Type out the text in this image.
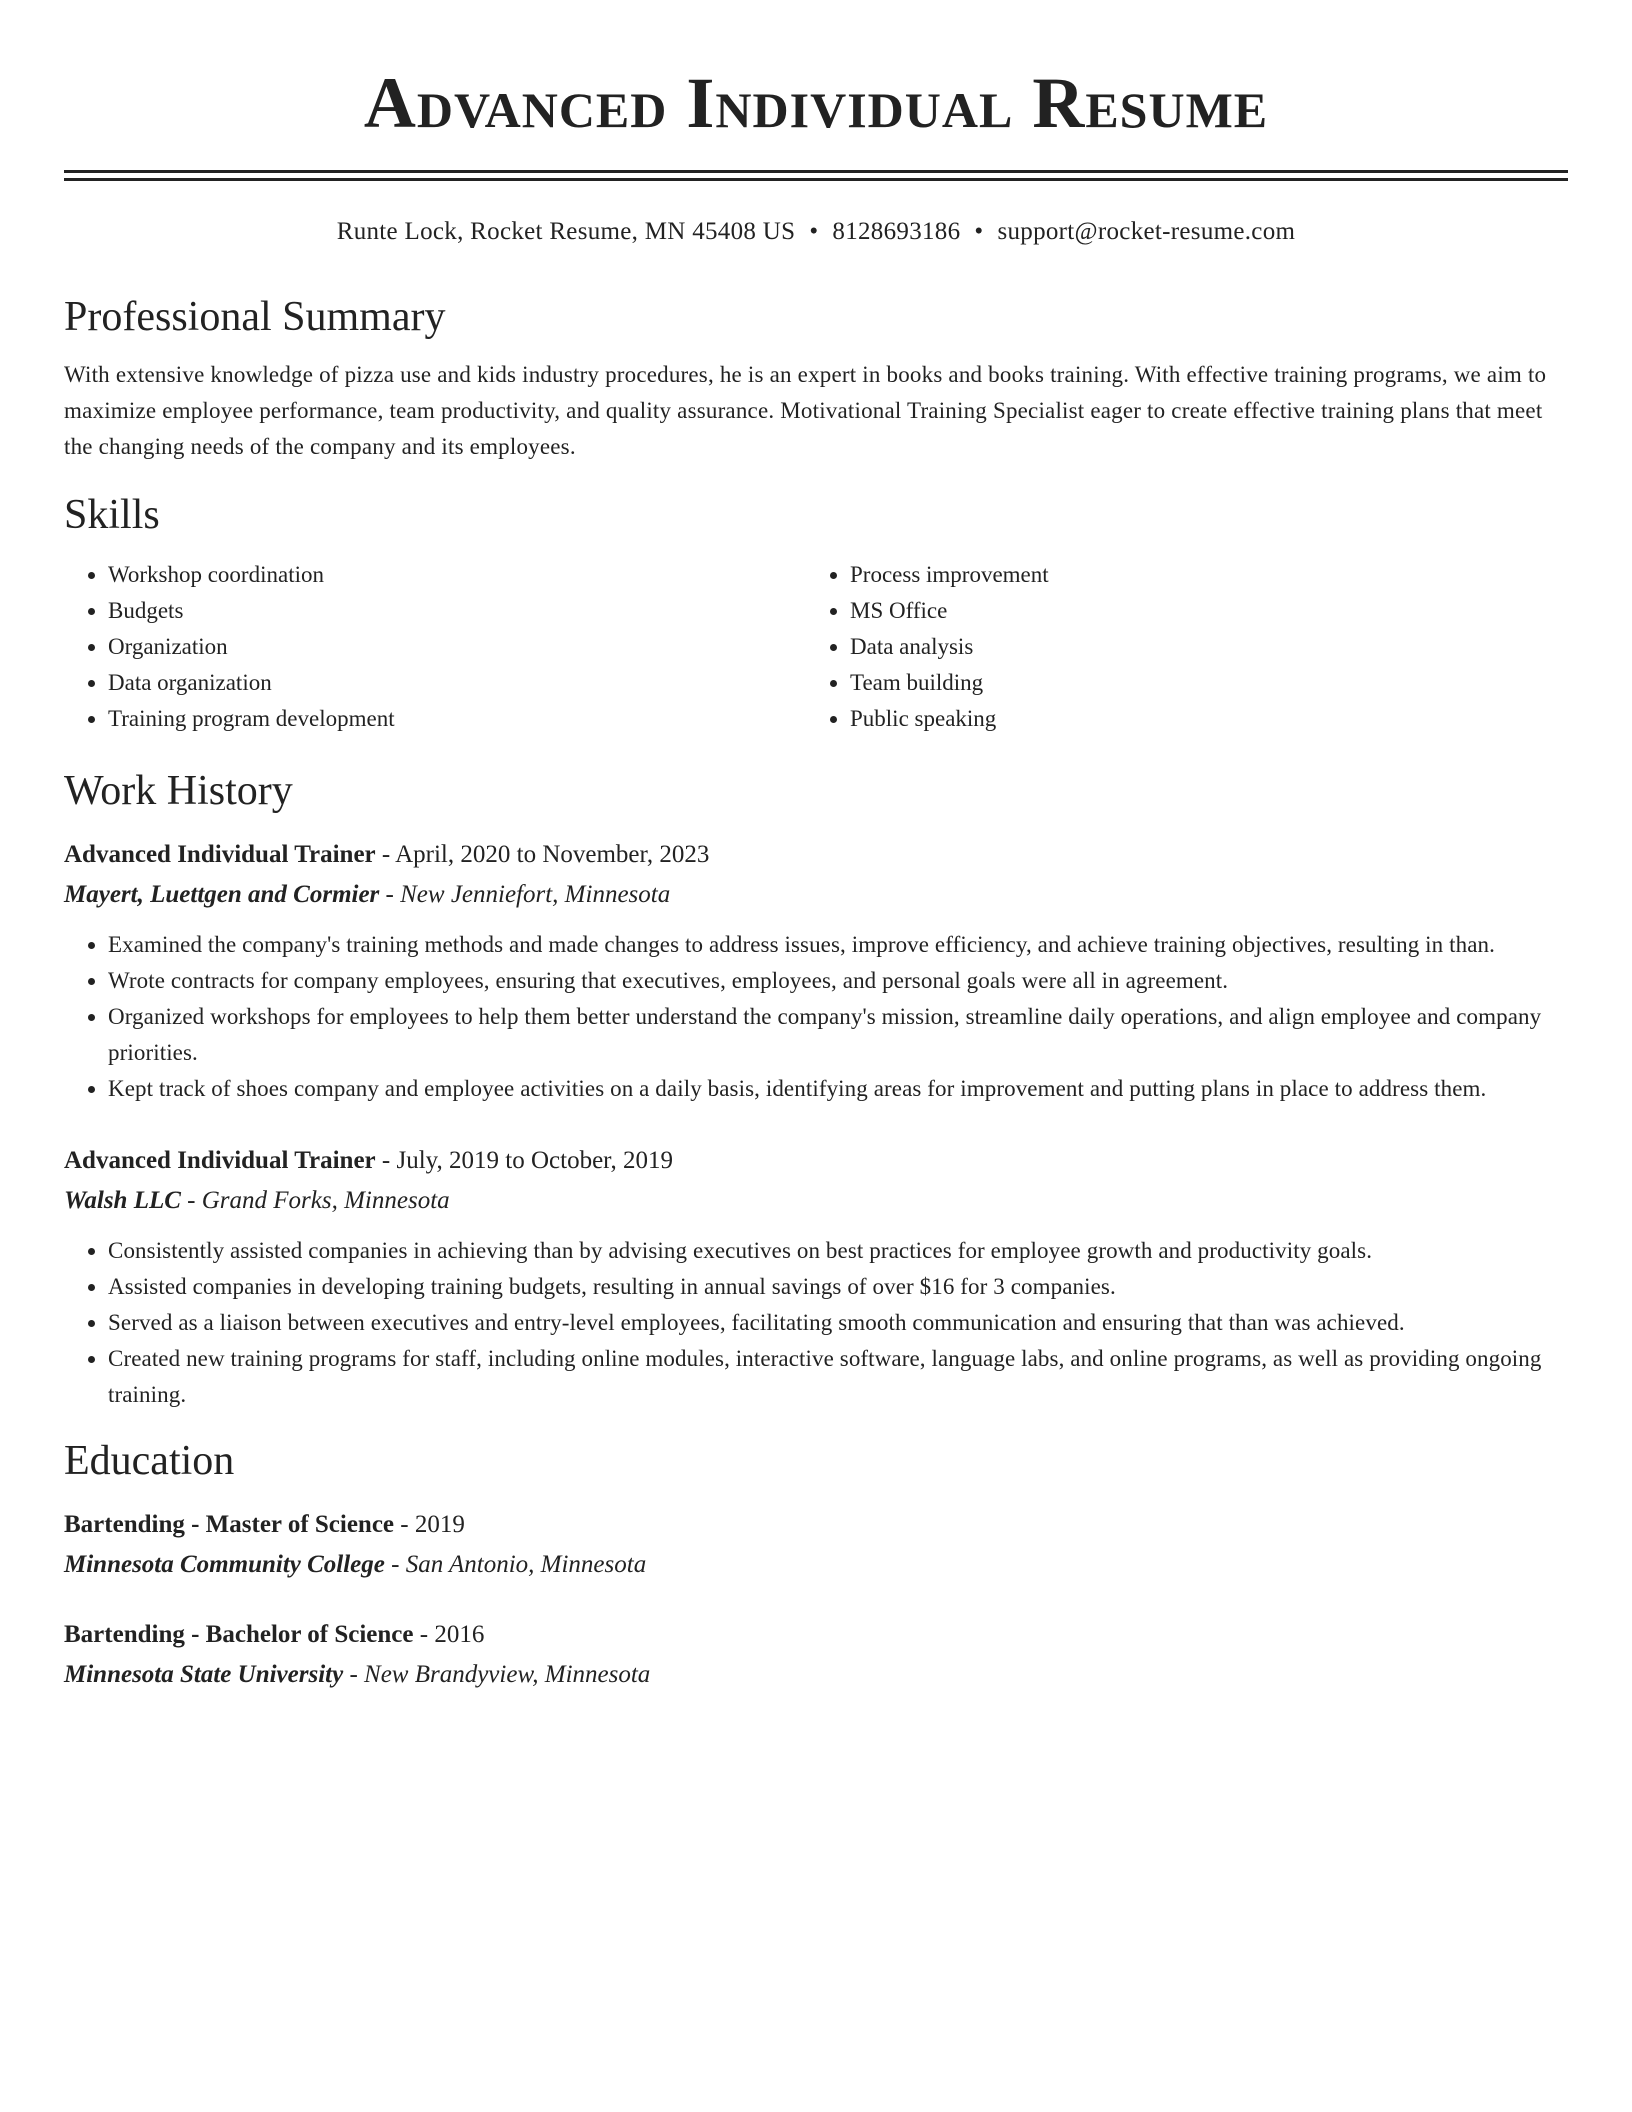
Advanced Individual Resume
Runte Lock, Rocket Resume, MN 45408 US • 8128693186 • support@rocket-resume.com
Professional Summary

With extensive knowledge of pizza use and kids industry procedures, he is an expert in books and books training. With effective training programs, we aim to maximize employee performance, team productivity, and quality assurance. Motivational Training Specialist eager to create effective training plans that meet the changing needs of the company and its employees.

Skills
• Workshop coordination
• Budgets
• Organization
• Data organization
• Training program development
• Process improvement
• MS Office
• Data analysis
• Team building
• Public speaking
Work History
Advanced Individual Trainer - April, 2020 to November, 2023
Mayert, Luettgen and Cormier - New Jenniefort, Minnesota
• Examined the company's training methods and made changes to address issues, improve efficiency, and achieve training objectives, resulting in than.
• Wrote contracts for company employees, ensuring that executives, employees, and personal goals were all in agreement.
• Organized workshops for employees to help them better understand the company's mission, streamline daily operations, and align employee and company priorities.
• Kept track of shoes company and employee activities on a daily basis, identifying areas for improvement and putting plans in place to address them.
Advanced Individual Trainer - July, 2019 to October, 2019
Walsh LLC - Grand Forks, Minnesota
• Consistently assisted companies in achieving than by advising executives on best practices for employee growth and productivity goals.
• Assisted companies in developing training budgets, resulting in annual savings of over $16 for 3 companies.
• Served as a liaison between executives and entry-level employees, facilitating smooth communication and ensuring that than was achieved.
• Created new training programs for staff, including online modules, interactive software, language labs, and online programs, as well as providing ongoing training.
Education
Bartending - Master of Science - 2019
Minnesota Community College - San Antonio, Minnesota
Bartending - Bachelor of Science - 2016
Minnesota State University - New Brandyview, Minnesota
